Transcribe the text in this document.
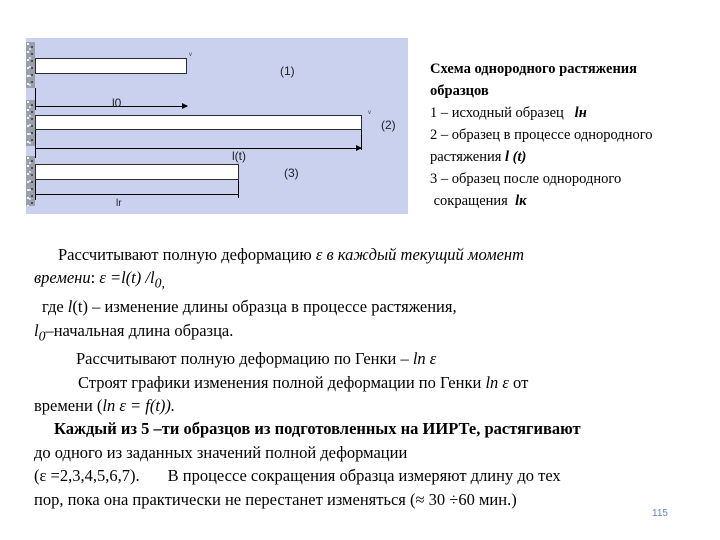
v
(1)
l0
v
(2)
l(t)
(3)
lr
Схема однородного растяжения
образцов
1 – исходный образец lн
2 – образец в процессе однородного
растяжения l (t)
3 – образец после однородного
сокращения lк
Рассчитывают полную деформацию ε в каждый текущий момент
времени: ε =l(t) $/l_{0,}$
где l(t) – изменение длины образца в процессе растяжения,
$l_0$–начальная длина образца.
Рассчитывают полную деформацию по Генки – ln ε
Строят графики изменения полной деформации по Генки ln ε от
времени (ln ε = f(t)).
Каждый из 5 –ти образцов из подготовленных на ИИРТе, растягивают
до одного из заданных значений полной деформации
(ε =2,3,4,5,6,7). В процессе сокращения образца измеряют длину до тех
пор, пока она практически не перестанет изменяться (≈ 30 ÷60 мин.)
115
